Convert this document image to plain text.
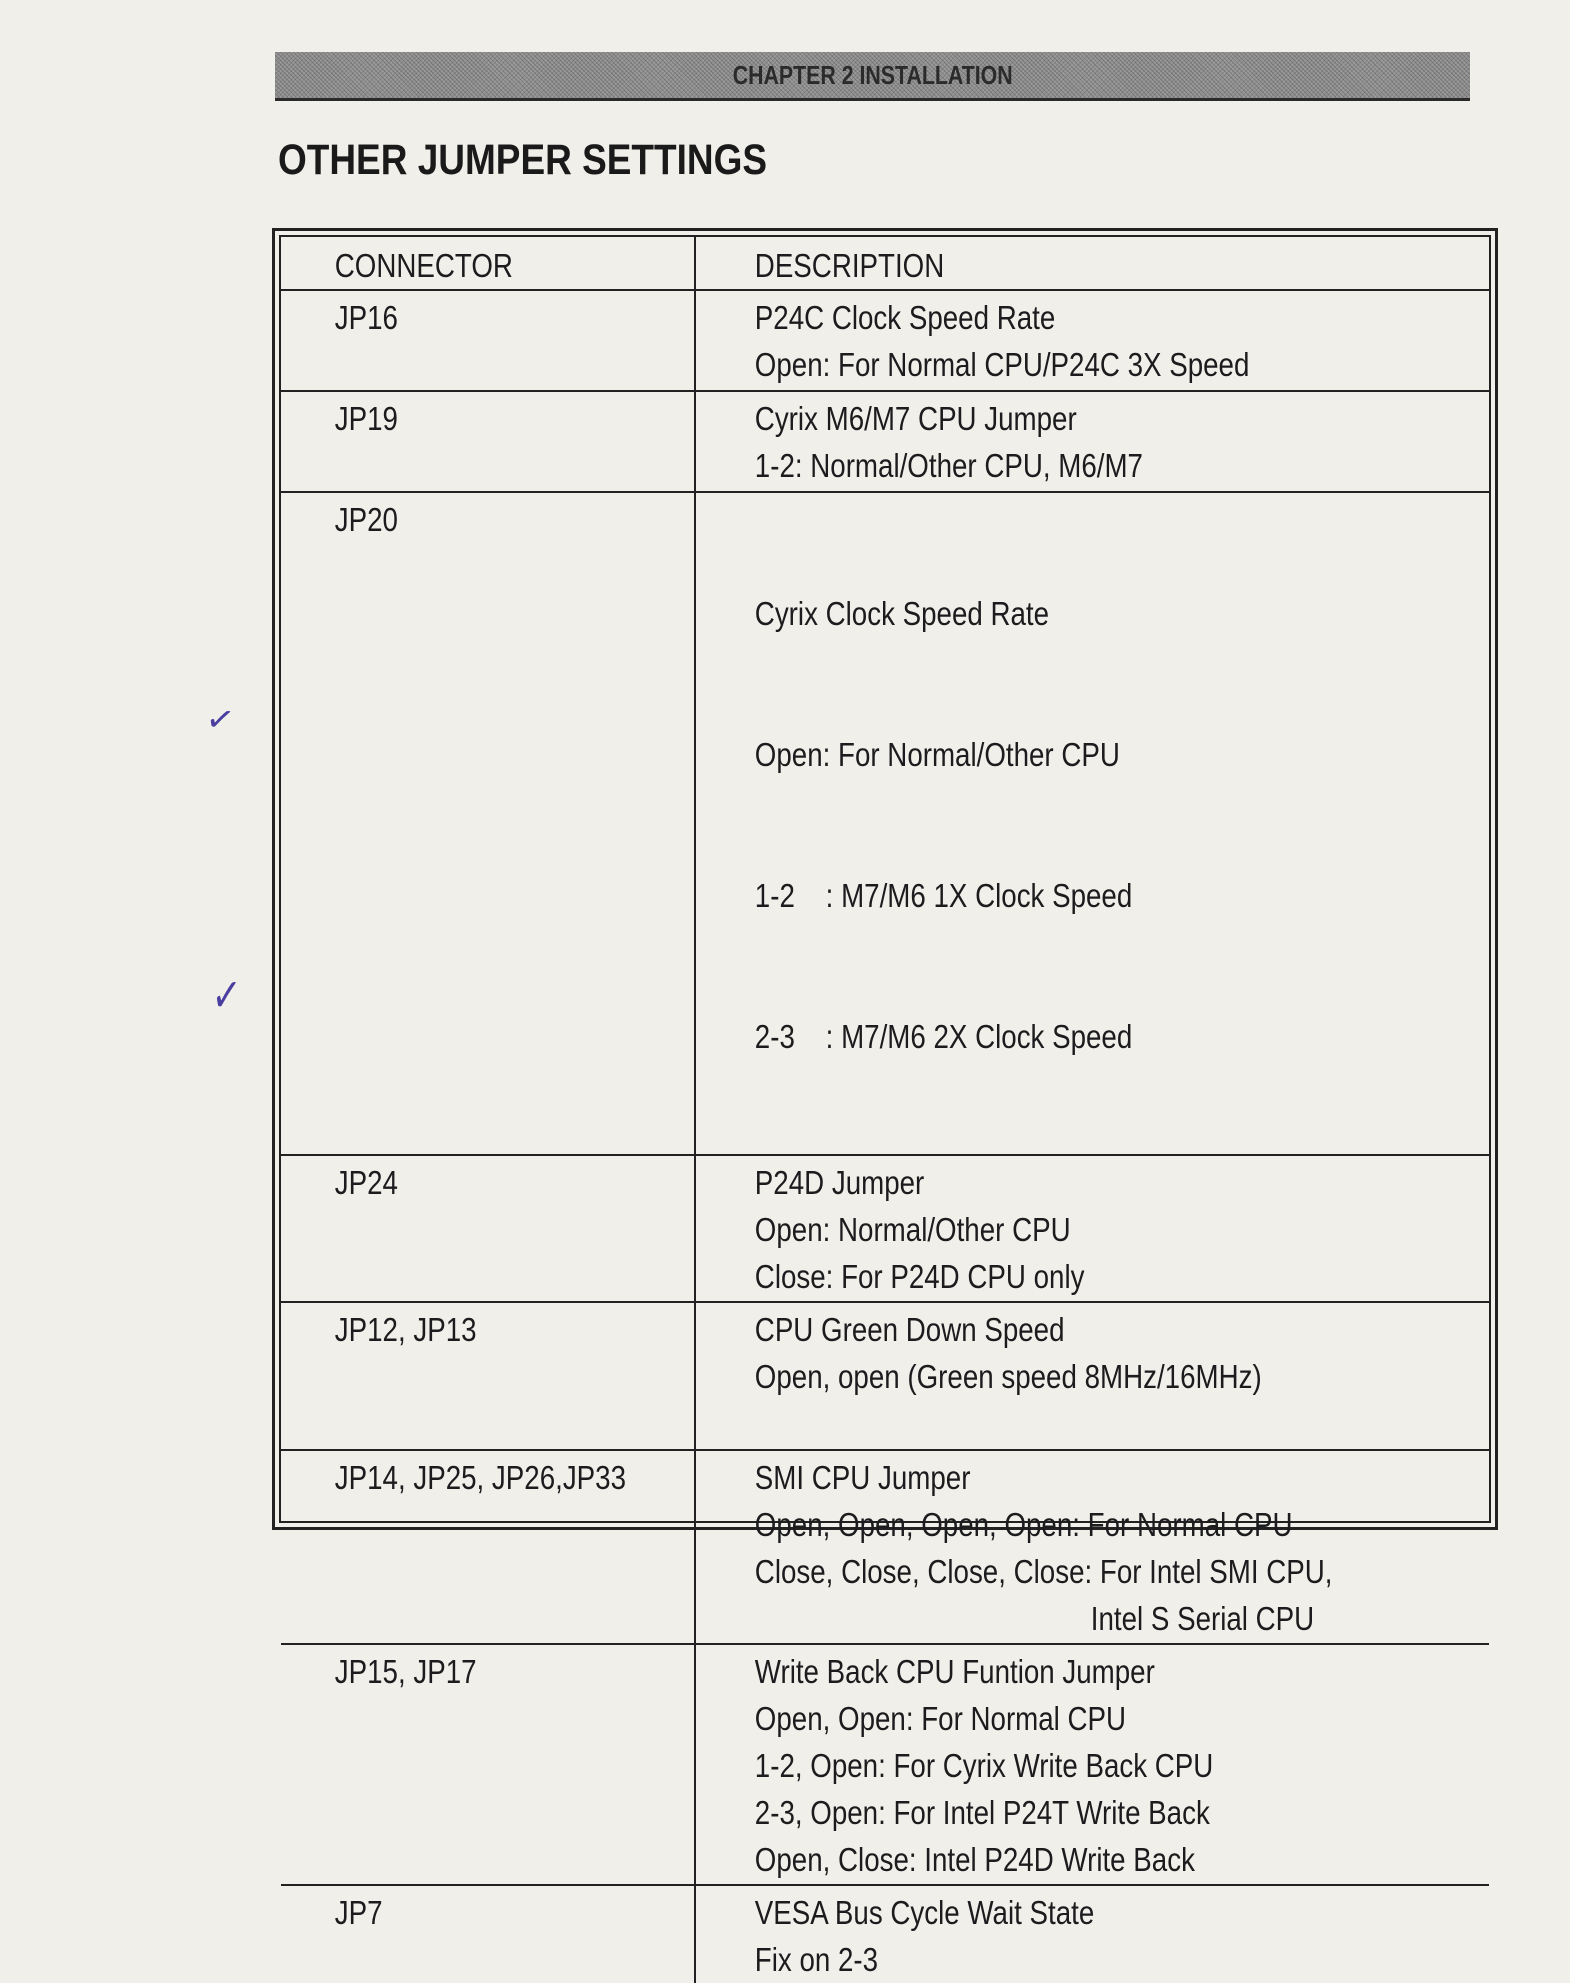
CHAPTER 2 INSTALLATION
OTHER JUMPER SETTINGS
✓
✓
CONNECTOR	DESCRIPTION

JP16	P24C Clock Speed Rate
Open: For Normal CPU/P24C 3X Speed

JP19	Cyrix M6/M7 CPU Jumper
1-2: Normal/Other CPU, M6/M7

JP20	Cyrix Clock Speed Rate

Open: For Normal/Other CPU

1-2    : M7/M6 1X Clock Speed

2-3    : M7/M6 2X Clock Speed

JP24	P24D Jumper
Open: Normal/Other CPU
Close: For P24D CPU only

JP12, JP13	CPU Green Down Speed
Open, open (Green speed 8MHz/16MHz)

JP14, JP25, JP26,JP33	SMI CPU Jumper
Open, Open, Open, Open: For Normal CPU
Close, Close, Close, Close: For Intel SMI CPU,
Intel S Serial CPU

JP15, JP17	Write Back CPU Funtion Jumper
Open, Open: For Normal CPU
1-2, Open: For Cyrix Write Back CPU
2-3, Open: For Intel P24T Write Back
Open, Close: Intel P24D Write Back

JP7	VESA Bus Cycle Wait State
Fix on 2-3
